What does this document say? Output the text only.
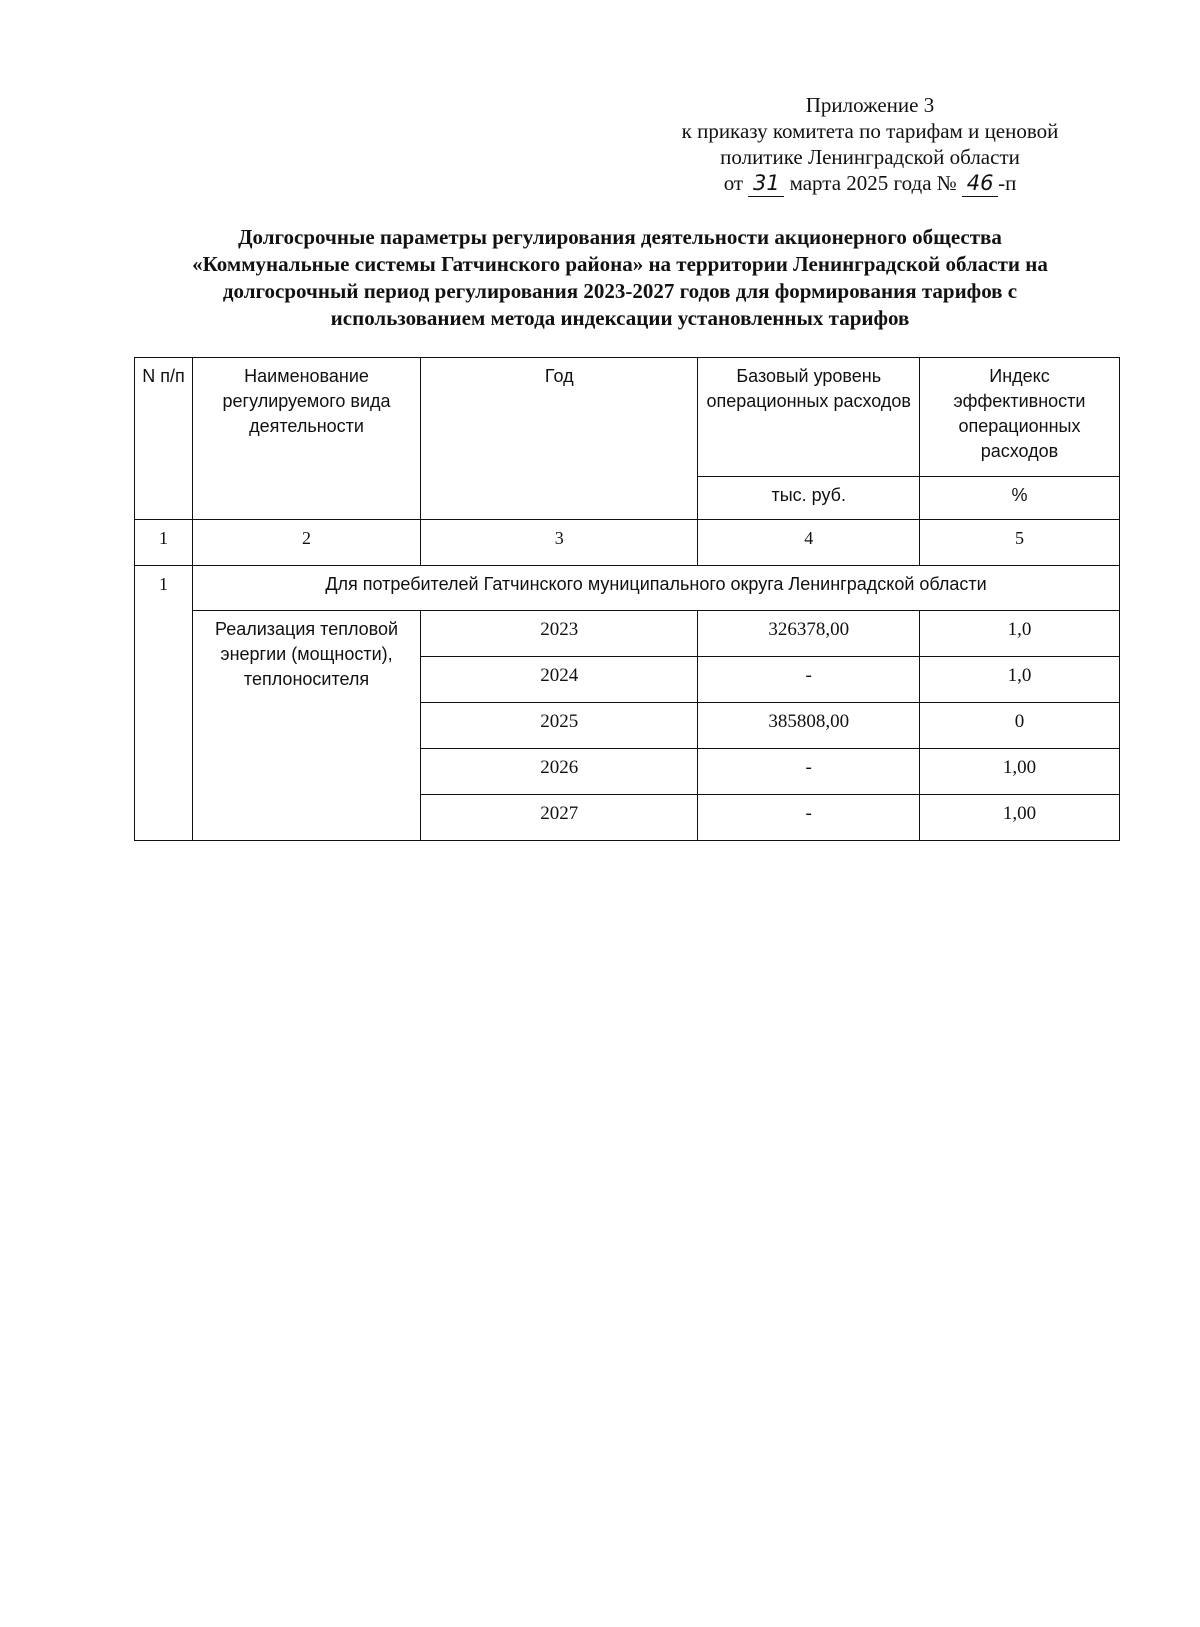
Приложение 3
к приказу комитета по тарифам и ценовой
политике Ленинградской области
от 31 марта 2025 года № 46 -п
Долгосрочные параметры регулирования деятельности акционерного общества
«Коммунальные системы Гатчинского района» на территории Ленинградской области на
долгосрочный период регулирования 2023-2027 годов для формирования тарифов с
использованием метода индексации установленных тарифов
N п/п	Наименование регулируемого вида деятельности	Год	Базовый уровень операционных расходов	Индекс эффективности операционных расходов
			тыс. руб.	%
1	2	3	4	5
1	Для потребителей Гатчинского муниципального округа Ленинградской области			
	Реализация тепловой энергии (мощности), теплоносителя	2023	326378,00	1,0
		2024	-	1,0
		2025	385808,00	0
		2026	-	1,00
		2027	-	1,00
